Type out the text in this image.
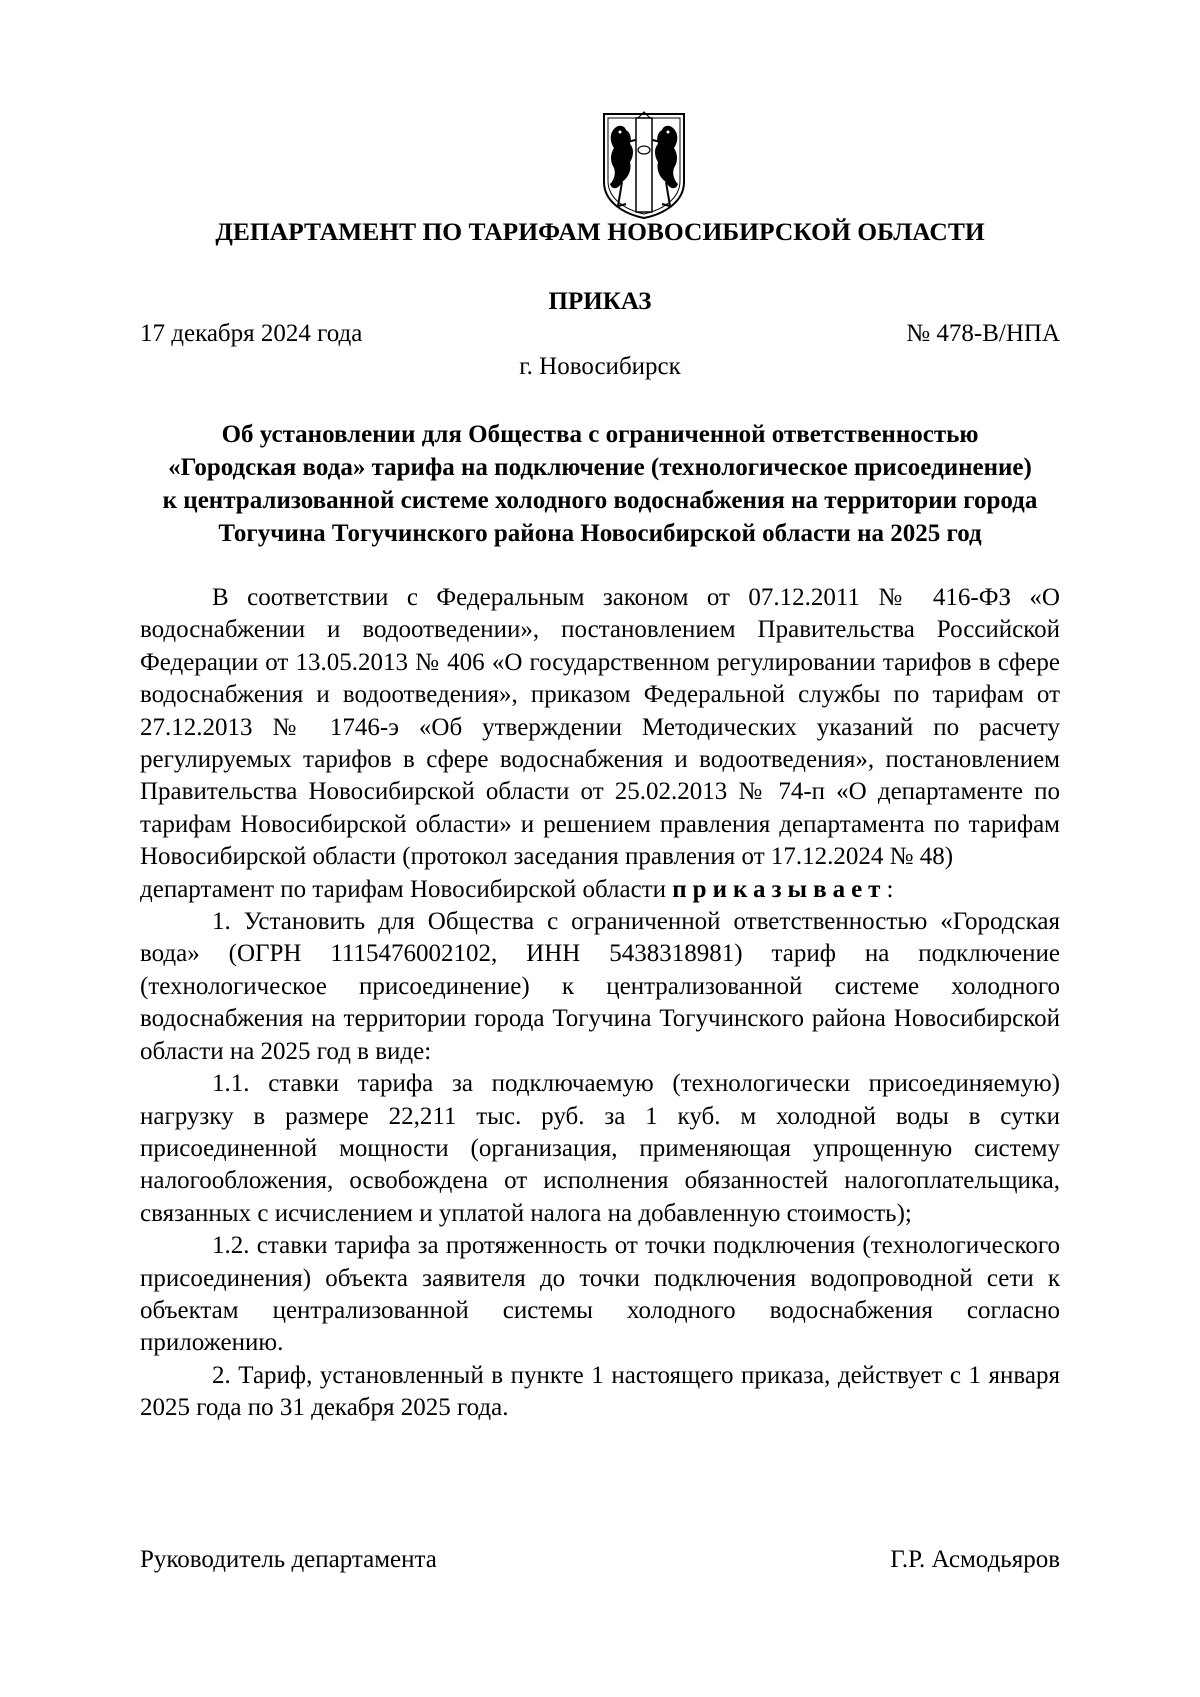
ДЕПАРТАМЕНТ ПО ТАРИФАМ НОВОСИБИРСКОЙ ОБЛАСТИ
ПРИКАЗ
17 декабря 2024 года	№ 478-В/НПА
г. Новосибирск
Об установлении для Общества с ограниченной ответственностью
«Городская вода» тарифа на подключение (технологическое присоединение)
к централизованной системе холодного водоснабжения на территории города
Тогучина Тогучинского района Новосибирской области на 2025 год

В соответствии с Федеральным законом от 07.12.2011 № 416-ФЗ «О водоснабжении и водоотведении», постановлением Правительства Российской Федерации от 13.05.2013 № 406 «О государственном регулировании тарифов в сфере водоснабжения и водоотведения», приказом Федеральной службы по тарифам от 27.12.2013 № 1746-э «Об утверждении Методических указаний по расчету регулируемых тарифов в сфере водоснабжения и водоотведения», постановлением Правительства Новосибирской области от 25.02.2013 № 74-п «О департаменте по тарифам Новосибирской области» и решением правления департамента по тарифам Новосибирской области (протокол заседания правления от 17.12.2024 № 48)

департамент по тарифам Новосибирской области приказывает:

1. Установить для Общества с ограниченной ответственностью «Городская вода» (ОГРН 1115476002102, ИНН 5438318981) тариф на подключение (технологическое присоединение) к централизованной системе холодного водоснабжения на территории города Тогучина Тогучинского района Новосибирской области на 2025 год в виде:

1.1. ставки тарифа за подключаемую (технологически присоединяемую) нагрузку в размере 22,211 тыс. руб. за 1 куб. м холодной воды в сутки присоединенной мощности (организация, применяющая упрощенную систему налогообложения, освобождена от исполнения обязанностей налогоплательщика, связанных с исчислением и уплатой налога на добавленную стоимость);

1.2. ставки тарифа за протяженность от точки подключения (технологического присоединения) объекта заявителя до точки подключения водопроводной сети к объектам централизованной системы холодного водоснабжения согласно приложению.

2. Тариф, установленный в пункте 1 настоящего приказа, действует с 1 января 2025 года по 31 декабря 2025 года.

Руководитель департамента	Г.Р. Асмодьяров
